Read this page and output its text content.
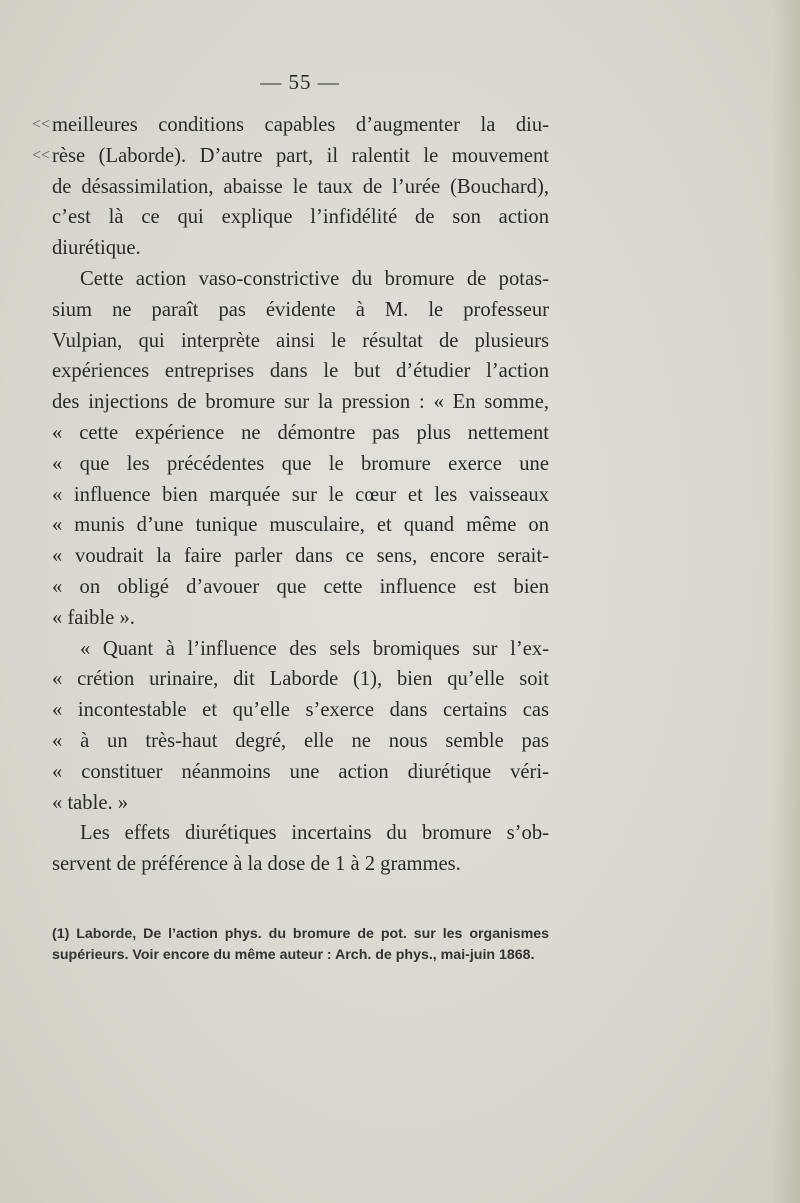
— 55 —
<<
<<
meilleures conditions capables d’augmenter la diu-
rèse (Laborde). D’autre part, il ralentit le mouvement
de désassimilation, abaisse le taux de l’urée (Bouchard),
c’est là ce qui explique l’infidélité de son action
diurétique.
Cette action vaso-constrictive du bromure de potas-
sium ne paraît pas évidente à M. le professeur
Vulpian, qui interprète ainsi le résultat de plusieurs
expériences entreprises dans le but d’étudier l’action
des injections de bromure sur la pression : « En somme,
« cette expérience ne démontre pas plus nettement
« que les précédentes que le bromure exerce une
« influence bien marquée sur le cœur et les vaisseaux
« munis d’une tunique musculaire, et quand même on
« voudrait la faire parler dans ce sens, encore serait-
« on obligé d’avouer que cette influence est bien
« faible ».
« Quant à l’influence des sels bromiques sur l’ex-
« crétion urinaire, dit Laborde (1), bien qu’elle soit
« incontestable et qu’elle s’exerce dans certains cas
« à un très-haut degré, elle ne nous semble pas
« constituer néanmoins une action diurétique véri-
« table. »
Les effets diurétiques incertains du bromure s’ob-
servent de préférence à la dose de 1 à 2 grammes.
(1) Laborde, De l’action phys. du bromure de pot. sur les organismes
supérieurs. Voir encore du même auteur : Arch. de phys., mai-juin 1868.
